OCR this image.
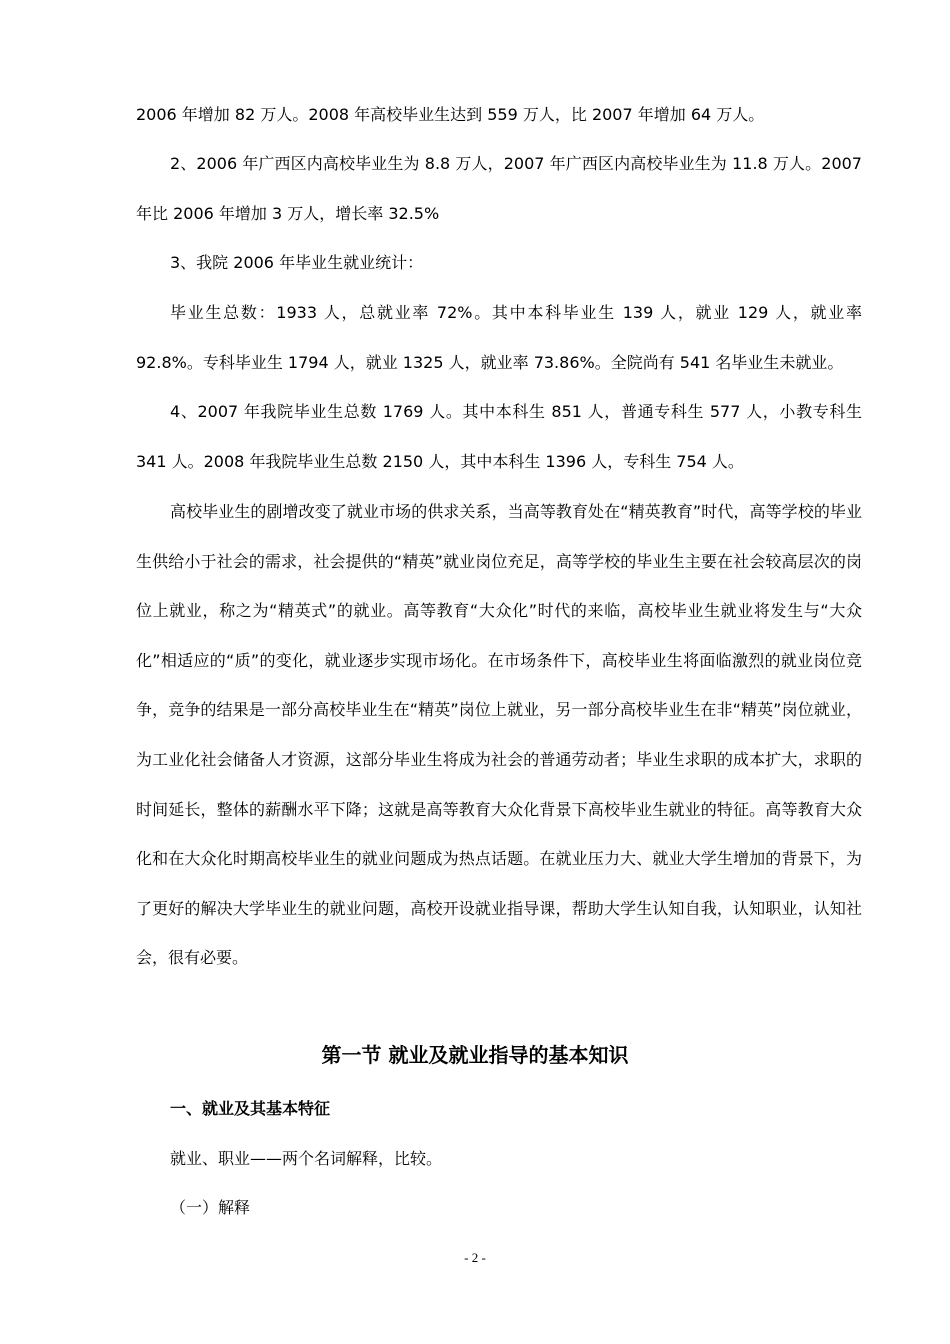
2006 年增加 82 万人。2008 年高校毕业生达到 559 万人，比 2007 年增加 64 万人。

2、2006 年广西区内高校毕业生为 8.8 万人，2007 年广西区内高校毕业生为 11.8 万人。2007年比 2006 年增加 3 万人，增长率 32.5%

3、我院 2006 年毕业生就业统计：

毕业生总数：1933 人，总就业率 72%。其中本科毕业生 139 人，就业 129 人，就业率 92.8%。专科毕业生 1794 人，就业 1325 人，就业率 73.86%。全院尚有 541 名毕业生未就业。

4、2007 年我院毕业生总数 1769 人。其中本科生 851 人，普通专科生 577 人，小教专科生341 人。2008 年我院毕业生总数 2150 人，其中本科生 1396 人，专科生 754 人。

高校毕业生的剧增改变了就业市场的供求关系，当高等教育处在“精英教育”时代，高等学校的毕业生供给小于社会的需求，社会提供的“精英”就业岗位充足，高等学校的毕业生主要在社会较高层次的岗位上就业，称之为“精英式”的就业。高等教育“大众化”时代的来临，高校毕业生就业将发生与“大众化”相适应的“质”的变化，就业逐步实现市场化。在市场条件下，高校毕业生将面临激烈的就业岗位竞争，竞争的结果是一部分高校毕业生在“精英”岗位上就业，另一部分高校毕业生在非“精英”岗位就业，为工业化社会储备人才资源，这部分毕业生将成为社会的普通劳动者；毕业生求职的成本扩大，求职的时间延长，整体的薪酬水平下降；这就是高等教育大众化背景下高校毕业生就业的特征。高等教育大众化和在大众化时期高校毕业生的就业问题成为热点话题。在就业压力大、就业大学生增加的背景下，为了更好的解决大学毕业生的就业问题，高校开设就业指导课，帮助大学生认知自我，认知职业，认知社会，很有必要。

第一节 就业及就业指导的基本知识
一、就业及其基本特征

就业、职业——两个名词解释，比较。

（一）解释

- 2 -
